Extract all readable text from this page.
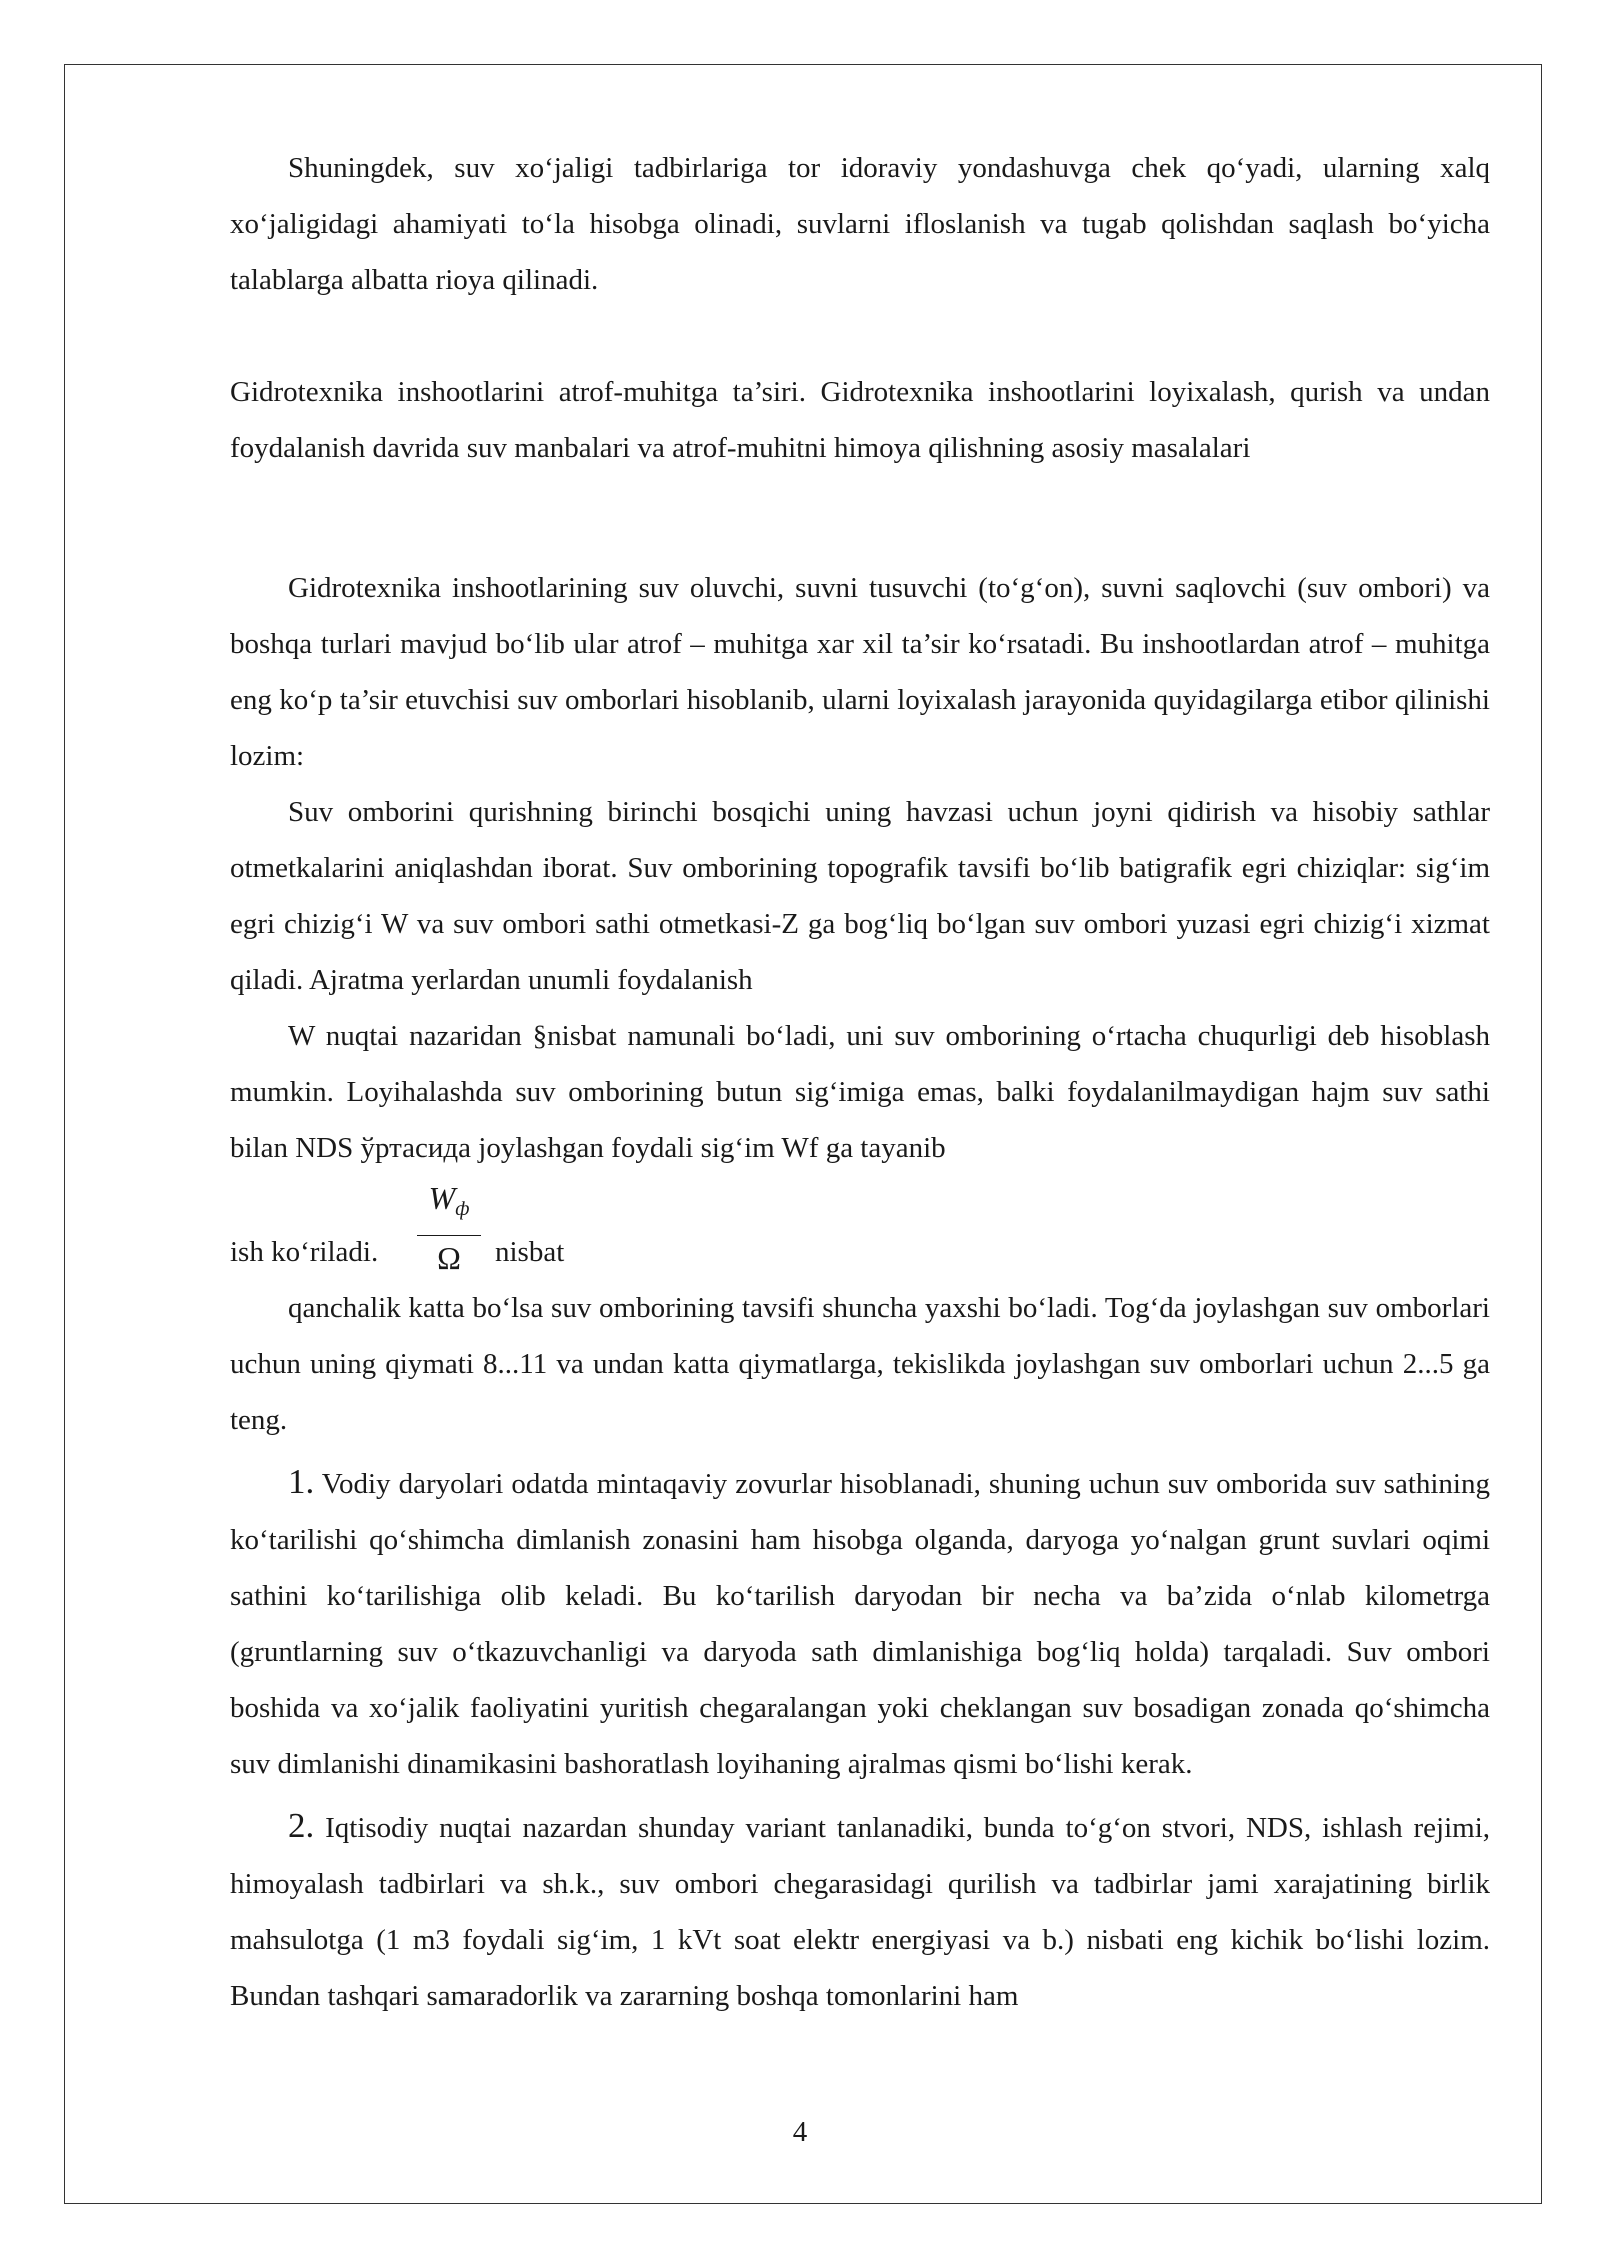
Shuningdek, suv xo‘jaligi tadbirlariga tor idoraviy yondashuvga chek qo‘yadi, ularning xalq xo‘jaligidagi ahamiyati to‘la hisobga olinadi, suvlarni ifloslanish va tugab qolishdan saqlash bo‘yicha talablarga albatta rioya qilinadi.

Gidrotexnika inshootlarini atrof-muhitga ta’siri. Gidrotexnika inshootlarini loyixalash, qurish va undan foydalanish davrida suv manbalari va atrof-muhitni himoya qilishning asosiy masalalari

Gidrotexnika inshootlarining suv oluvchi, suvni tusuvchi (to‘g‘on), suvni saqlovchi (suv ombori) va boshqa turlari mavjud bo‘lib ular atrof – muhitga xar xil ta’sir ko‘rsatadi. Bu inshootlardan atrof – muhitga eng ko‘p ta’sir etuvchisi suv omborlari hisoblanib, ularni loyixalash jarayonida quyidagilarga etibor qilinishi lozim:

Suv omborini qurishning birinchi bosqichi uning havzasi uchun joyni qidirish va hisobiy sathlar otmetkalarini aniqlashdan iborat. Suv omborining topografik tavsifi bo‘lib batigrafik egri chiziqlar: sig‘im egri chizig‘i W va suv ombori sathi otmetkasi-Z ga bog‘liq bo‘lgan suv ombori yuzasi egri chizig‘i xizmat qiladi. Ajratma yerlardan unumli foydalanish

W nuqtai nazaridan §nisbat namunali bo‘ladi, uni suv omborining o‘rtacha chuqurligi deb hisoblash mumkin. Loyihalashda suv omborining butun sig‘imiga emas, balki foydalanilmaydigan hajm suv sathi bilan NDS ўртасида joylashgan foydali sig‘im Wf ga tayanib

ish ko‘riladi.
$W_ф$
Ω	nisbat

qanchalik katta bo‘lsa suv omborining tavsifi shuncha yaxshi bo‘ladi. Tog‘da joylashgan suv omborlari uchun uning qiymati 8...11 va undan katta qiymatlarga, tekislikda joylashgan suv omborlari uchun 2...5 ga teng.

1. Vodiy daryolari odatda mintaqaviy zovurlar hisoblanadi, shuning uchun suv omborida suv sathining ko‘tarilishi qo‘shimcha dimlanish zonasini ham hisobga olganda, daryoga yo‘nalgan grunt suvlari oqimi sathini ko‘tarilishiga olib keladi. Bu ko‘tarilish daryodan bir necha va ba’zida o‘nlab kilometrga (gruntlarning suv o‘tkazuvchanligi va daryoda sath dimlanishiga bog‘liq holda) tarqaladi. Suv ombori boshida va xo‘jalik faoliyatini yuritish chegaralangan yoki cheklangan suv bosadigan zonada qo‘shimcha suv dimlanishi dinamikasini bashoratlash loyihaning ajralmas qismi bo‘lishi kerak.

2. Iqtisodiy nuqtai nazardan shunday variant tanlanadiki, bunda to‘g‘on stvori, NDS, ishlash rejimi, himoyalash tadbirlari va sh.k., suv ombori chegarasidagi qurilish va tadbirlar jami xarajatining birlik mahsulotga (1 m3 foydali sig‘im, 1 kVt soat elektr energiyasi va b.) nisbati eng kichik bo‘lishi lozim. Bundan tashqari samaradorlik va zararning boshqa tomonlarini ham

4
